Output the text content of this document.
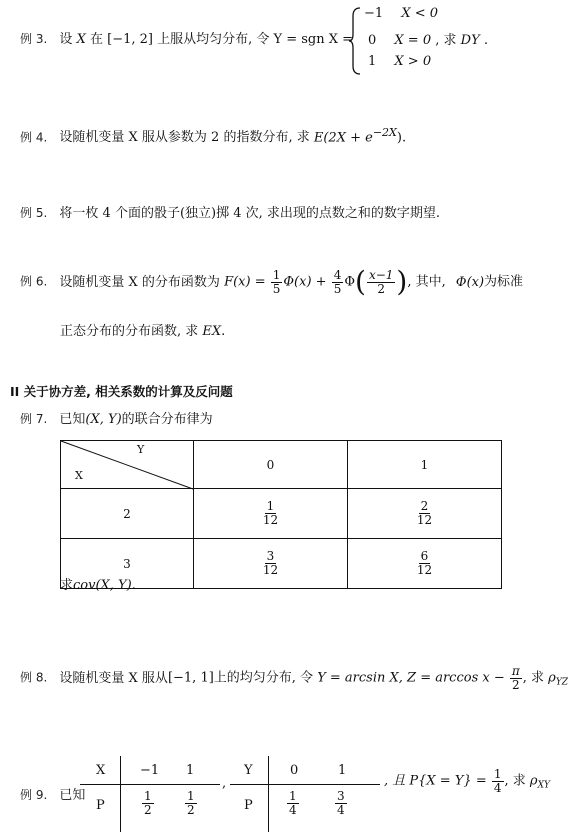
例 3. 设 X 在 [−1, 2] 上服从均匀分布, 令 Y = sgn X =
−1 X < 0
0 X = 0 , 求 DY .
1 X > 0
例 4. 设随机变量 X 服从参数为 2 的指数分布, 求 $E(2X + e^{-2X})$.
例 5. 将一枚 4 个面的骰子(独立)掷 4 次, 求出现的点数之和的数字期望.
例 6. 设随机变量 X 的分布函数为 $F(x) = \frac{1}{5} \Phi(x) + \frac{4}{5} \Phi( \frac{x-1}{2}$ ), 其中, Φ(x)为标准
正态分布的分布函数, 求 EX.
II 关于协方差, 相关系数的计算及反问题
例 7. 已知(X, Y)的联合分布律为
Y
X	0	1
2	$\frac{1}{12}$	$\frac{2}{12}$

3	$\frac{3}{12}$	$\frac{6}{12}$
求cov(X, Y).
例 8. 设随机变量 X 服从[−1, 1]上的均匀分布, 令 Y = arcsin X, $Z = \arccos x - \frac{\pi}{2}$ , 求 $\rho_{YZ}$
例 9. 已知
X	−1 1
P	$\frac{1}{2}$	$\frac{1}{2}$
,
Y	0	1
P	$\frac{1}{4}$	$\frac{3}{4}$
, 且 $P\{X = Y\} = \frac{1}{4}$ , 求 $\rho_{XY}$
